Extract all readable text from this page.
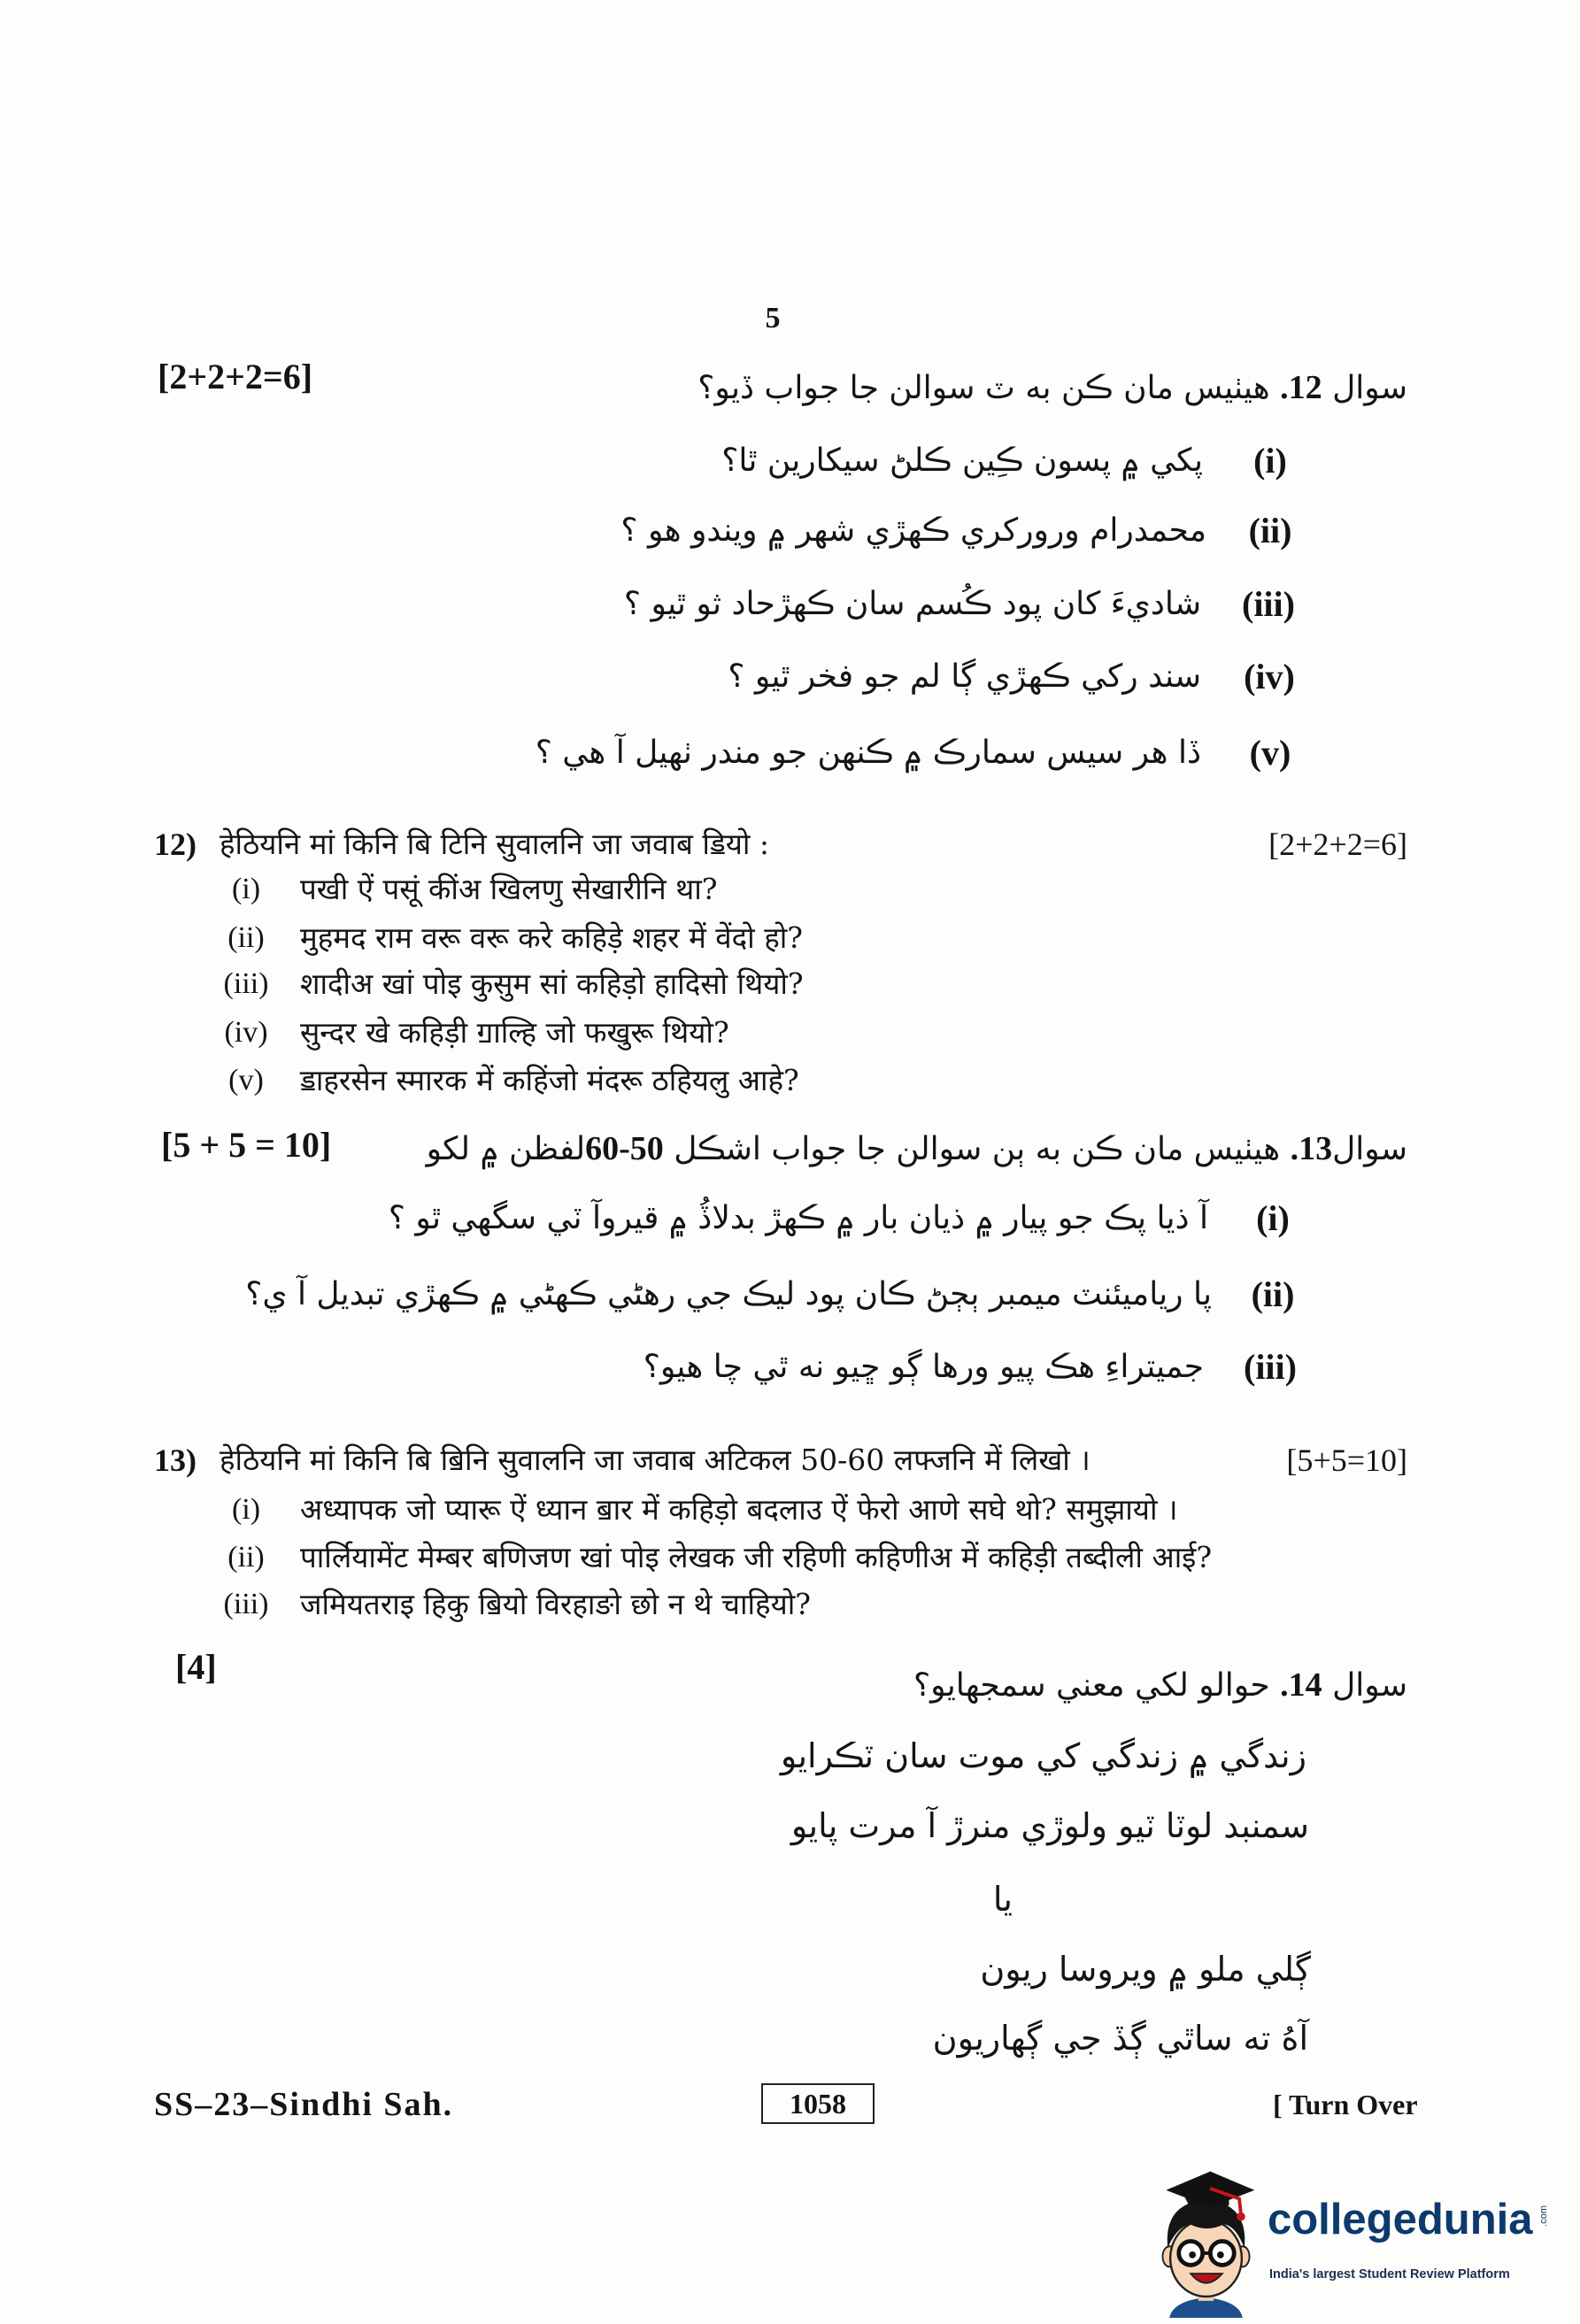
5
[2+2+2=6]	سوال 12. هيٺيس مان ڪن به ٽ سوالن جا جواب ڏيو؟
(i)
پکي ۾ پسون ڪِين ڪلڻ سيکارين ٿا؟
(ii)
محمدرام ورورکري ڪهڙي شهر ۾ ويندو هو ؟
(iii)
شاديءَ کان پود ڪُسم سان ڪهڙحاد ثو ٿيو ؟
(iv)
سند رکي ڪهڙي ڳا لم جو فخر ٿيو ؟
(v)
ڏا هر سيس سمارڪ ۾ ڪنهن جو مندر ٺهيل آ هي ؟
12) हेठियनि मां किनि बि टिनि सुवालनि जा जवाब ॾियो :	[2+2+2=6]
(i)	पखी ऐं पसूं कींअ खिलणु सेखारीनि था?
(ii)	मुहमद राम वरू वरू करे कहिड़े शहर में वेंदो हो?
(iii)	शादीअ खां पोइ कुसुम सां कहिड़ो हादिसो थियो?
(iv)	सुन्दर खे कहिड़ी ॻाल्हि जो फखुरू थियो?
(v)	ॾाहरसेन स्मारक में कहिंजो मंदरू ठहियलु आहे?
[5 + 5 = 10]	سوال13. هيٺيس مان ڪن به ٻن سوالن جا جواب اشڪل 60-50لفظن ۾ لکو
(i)
آ ذيا پڪ جو پيار ۾ ذيان بار ۾ ڪهڙ بدلاڏُ ۾ قيروآ ٽي سگهي ٿو ؟
(ii)
پا رياميئنٽ ميمبر ٻڄڻ ڪان پود ليڪ جي رهڻي ڪهڻي ۾ ڪهڙي تبديل آ ي؟
(iii)
جميتراءِ هڪ پيو ورها ڳو ڇيو نه ٿي چا هيو؟
13) हेठियनि मां किनि बि ॿिनि सुवालनि जा जवाब अटिकल 50-60 लफ्जनि में लिखो ।	[5+5=10]
(i)	अध्यापक जो प्यारू ऐं ध्यान ॿार में कहिड़ो बदलाउ ऐं फेरो आणे सघे थो? समुझायो ।
(ii)	पार्लियामेंट मेम्बर बणिजण खां पोइ लेखक जी रहिणी कहिणीअ में कहिड़ी तब्दीली आई?
(iii)	जमियतराइ हिकु ॿियो विरहाङो छो न थे चाहियो?
[4]	سوال 14. حوالو لکي معني سمجهايو؟
زندگي ۾ زندگي کي موت سان ٽڪرايو
سمنبد لوٽا ٽيو ولوڙي منرڙ آ مرت پايو
يا
ڳلي ملو ۾ ويروسا ريون
آهُ ته ساٿي ڳڏ جي ڳهاريون
SS–23–Sindhi Sah.	1058	[ Turn Over
collegedunia .com
India's largest Student Review Platform
